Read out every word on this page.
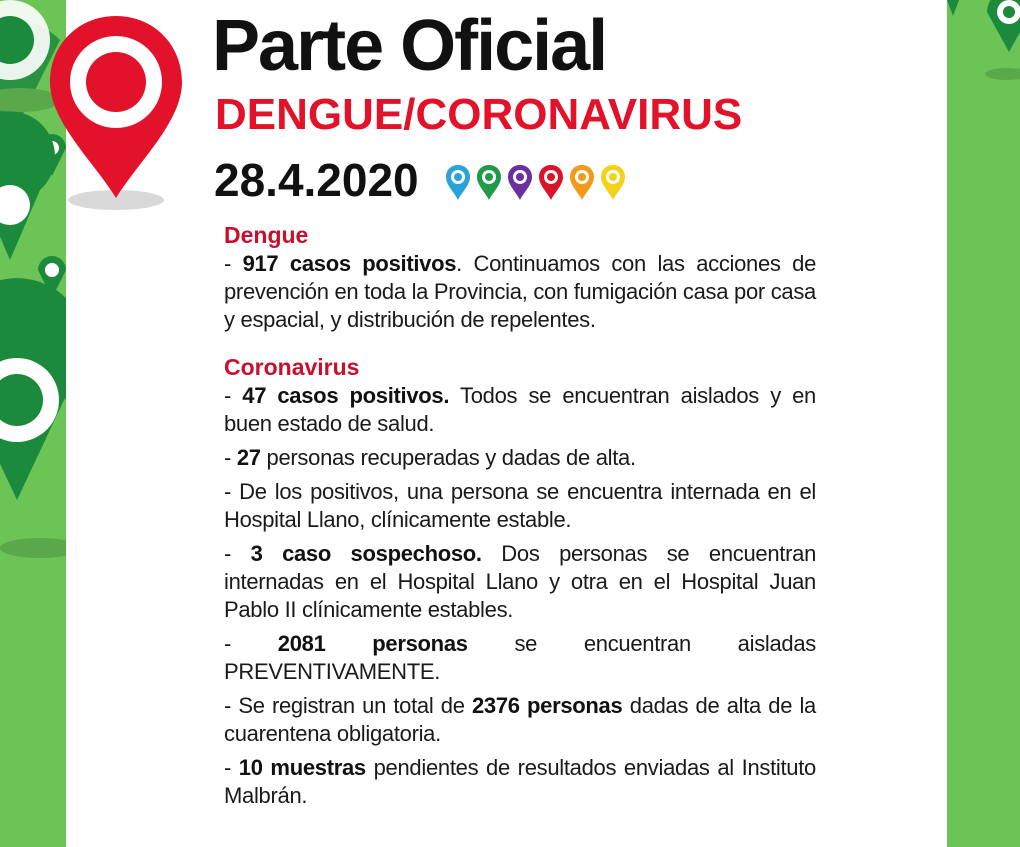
Parte Oficial
DENGUE/CORONAVIRUS
28.4.2020
Dengue

- 917 casos positivos. Continuamos con las acciones de prevención en toda la Provincia, con fumigación casa por casa y espacial, y distribución de repelentes.

Coronavirus

- 47 casos positivos. Todos se encuentran aislados y en buen estado de salud.

- 27 personas recuperadas y dadas de alta.

- De los positivos, una persona se encuentra internada en el Hospital Llano, clínicamente estable.

- 3 caso sospechoso. Dos personas se encuentran internadas en el Hospital Llano y otra en el Hospital Juan Pablo II clínicamente estables.

- 2081 personas se encuentran aisladas PREVENTIVAMENTE.

- Se registran un total de 2376 personas dadas de alta de la cuarentena obligatoria.

- 10 muestras pendientes de resultados enviadas al Instituto Malbrán.
